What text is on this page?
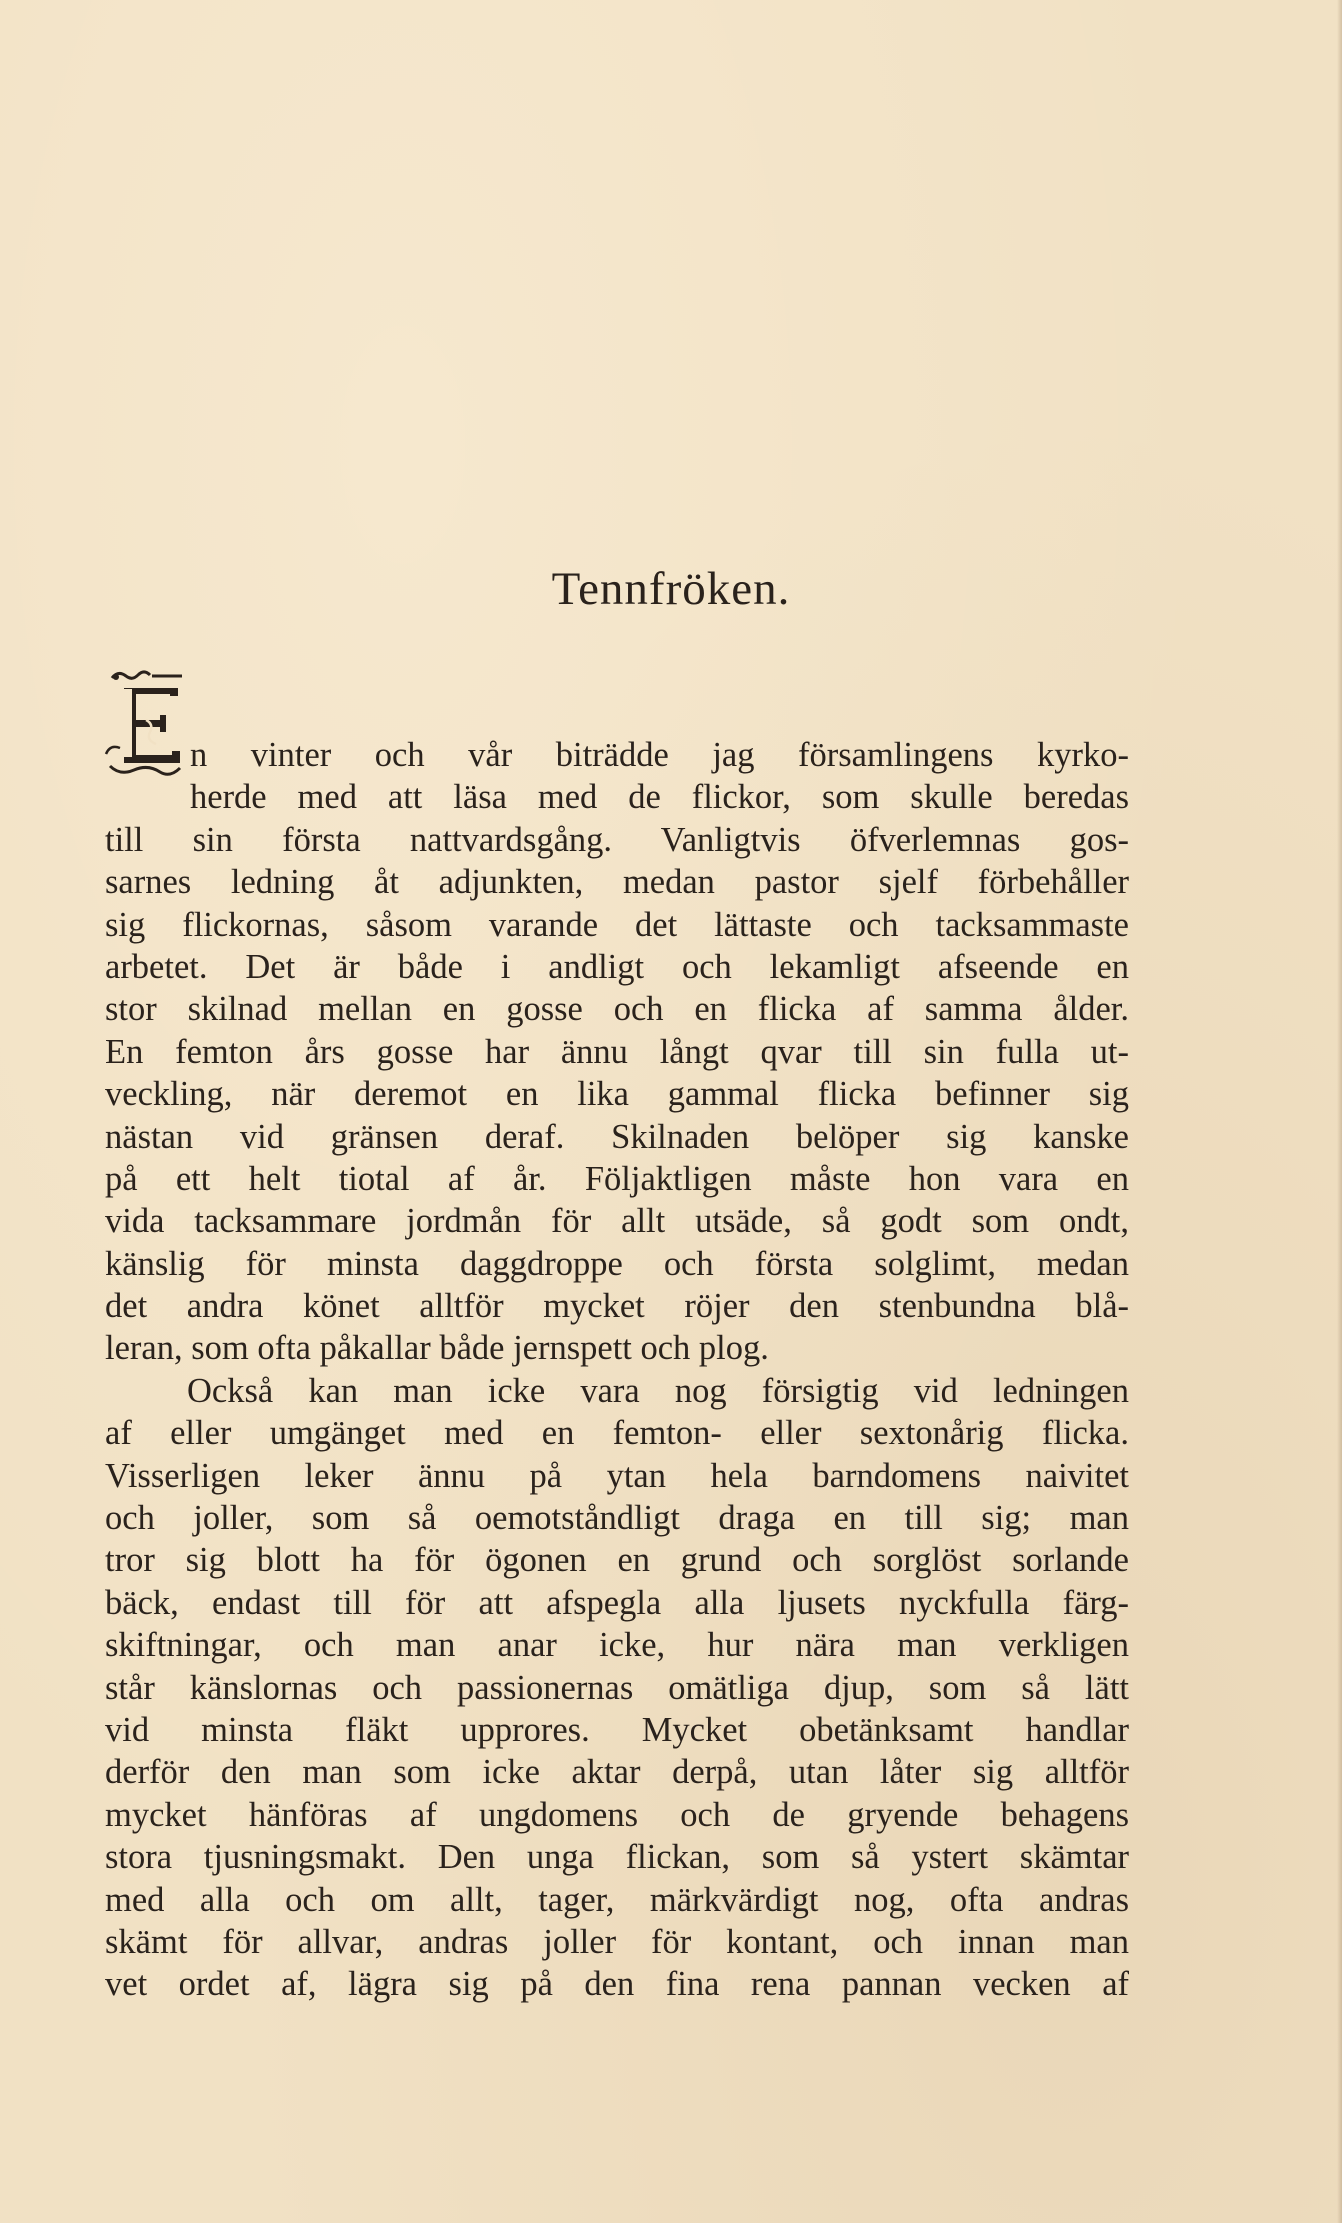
Tennfröken.
n vinter och vår biträdde jag församlingens kyrko-
herde med att läsa med de flickor, som skulle beredas
till sin första nattvardsgång. Vanligtvis öfverlemnas gos-
sarnes ledning åt adjunkten, medan pastor sjelf förbehåller
sig flickornas, såsom varande det lättaste och tacksammaste
arbetet. Det är både i andligt och lekamligt afseende en
stor skilnad mellan en gosse och en flicka af samma ålder.
En femton års gosse har ännu långt qvar till sin fulla ut-
veckling, när deremot en lika gammal flicka befinner sig
nästan vid gränsen deraf. Skilnaden belöper sig kanske
på ett helt tiotal af år. Följaktligen måste hon vara en
vida tacksammare jordmån för allt utsäde, så godt som ondt,
känslig för minsta daggdroppe och första solglimt, medan
det andra könet alltför mycket röjer den stenbundna blå-
leran, som ofta påkallar både jernspett och plog.
Också kan man icke vara nog försigtig vid ledningen
af eller umgänget med en femton- eller sextonårig flicka.
Visserligen leker ännu på ytan hela barndomens naivitet
och joller, som så oemotståndligt draga en till sig; man
tror sig blott ha för ögonen en grund och sorglöst sorlande
bäck, endast till för att afspegla alla ljusets nyckfulla färg-
skiftningar, och man anar icke, hur nära man verkligen
står känslornas och passionernas omätliga djup, som så lätt
vid minsta fläkt upprores. Mycket obetänksamt handlar
derför den man som icke aktar derpå, utan låter sig alltför
mycket hänföras af ungdomens och de gryende behagens
stora tjusningsmakt. Den unga flickan, som så ystert skämtar
med alla och om allt, tager, märkvärdigt nog, ofta andras
skämt för allvar, andras joller för kontant, och innan man
vet ordet af, lägra sig på den fina rena pannan vecken af
